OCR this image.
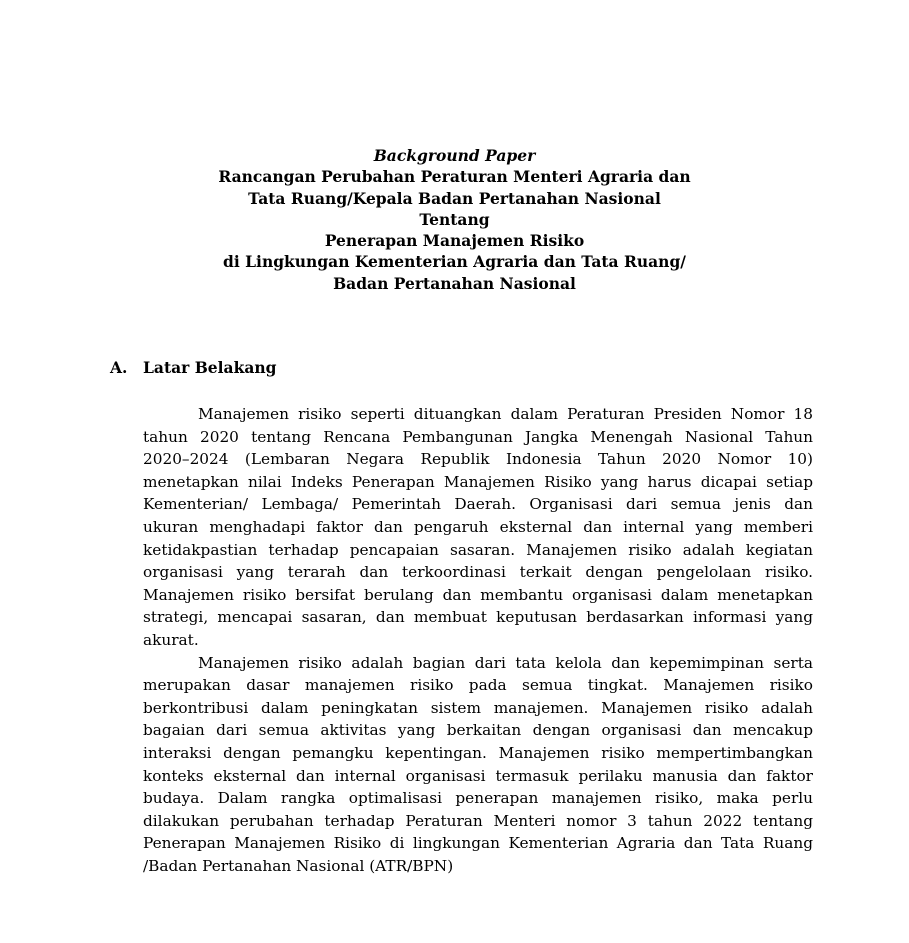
Background Paper
Rancangan Perubahan Peraturan Menteri Agraria dan
Tata Ruang/Kepala Badan Pertanahan Nasional
Tentang
Penerapan Manajemen Risiko
di Lingkungan Kementerian Agraria dan Tata Ruang/
Badan Pertanahan Nasional
A. Latar Belakang
Manajemen risiko seperti dituangkan dalam Peraturan Presiden Nomor 18
tahun 2020 tentang Rencana Pembangunan Jangka Menengah Nasional Tahun
2020–2024 (Lembaran Negara Republik Indonesia Tahun 2020 Nomor 10)
menetapkan nilai Indeks Penerapan Manajemen Risiko yang harus dicapai setiap
Kementerian/ Lembaga/ Pemerintah Daerah. Organisasi dari semua jenis dan
ukuran menghadapi faktor dan pengaruh eksternal dan internal yang memberi
ketidakpastian terhadap pencapaian sasaran. Manajemen risiko adalah kegiatan
organisasi yang terarah dan terkoordinasi terkait dengan pengelolaan risiko.
Manajemen risiko bersifat berulang dan membantu organisasi dalam menetapkan
strategi, mencapai sasaran, dan membuat keputusan berdasarkan informasi yang
akurat.
Manajemen risiko adalah bagian dari tata kelola dan kepemimpinan serta
merupakan dasar manajemen risiko pada semua tingkat. Manajemen risiko
berkontribusi dalam peningkatan sistem manajemen. Manajemen risiko adalah
bagaian dari semua aktivitas yang berkaitan dengan organisasi dan mencakup
interaksi dengan pemangku kepentingan. Manajemen risiko mempertimbangkan
konteks eksternal dan internal organisasi termasuk perilaku manusia dan faktor
budaya. Dalam rangka optimalisasi penerapan manajemen risiko, maka perlu
dilakukan perubahan terhadap Peraturan Menteri nomor 3 tahun 2022 tentang
Penerapan Manajemen Risiko di lingkungan Kementerian Agraria dan Tata Ruang
/Badan Pertanahan Nasional (ATR/BPN)
